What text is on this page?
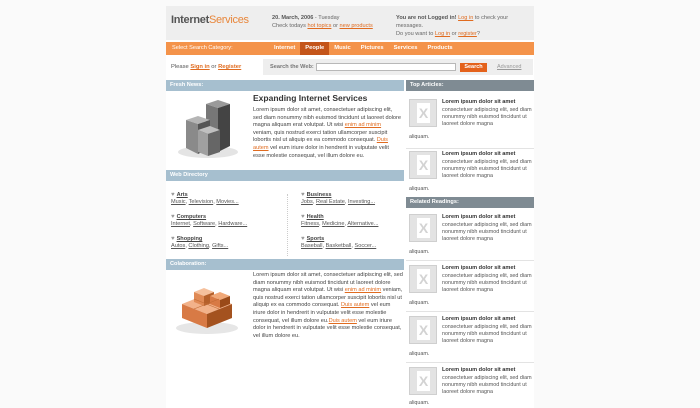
InternetServices	20. March, 2006 - Tuesday
Check todays hot topics or new products
You are not Logged in! Log in to check your messages.
Do you want to Log in or register?
Select Search Category:	Internet	People	Music	Pictures	Services	Products
Please Sign in or Register	Search the Web:	Search	Advanced
Fresh News:
Expanding Internet Services

Lorem ipsum dolor sit amet, consectetuer adipiscing elit, sed diam nonummy nibh euismod tincidunt ut laoreet dolore magna aliquam erat volutpat. Ut wisi enim ad minim veniam, quis nostrud exerci tation ullamcorper suscipit lobortis nisl ut aliquip ex ea commodo consequat. Duis autem vel eum iriure dolor in hendrerit in vulputate velit esse molestie consequat, vel illum dolore eu.

Web Directory
♥ Arts
Music, Television, Movies...
♥ Business
Jobs, Real Estate, Investing...
♥ Computers
Internet, Software, Hardware...
♥ Health
Fitness, Medicine, Alternative...
♥ Shopping
Autos, Clothing, Gifts...
♥ Sports
Baseball, Basketball, Soccer...
Colaboration:

Lorem ipsum dolor sit amet, consectetuer adipiscing elit, sed diam nonummy nibh euismod tincidunt ut laoreet dolore magna aliquam erat volutpat. Ut wisi enim ad minim veniam, quis nostrud exerci tation ullamcorper suscipit lobortis nisl ut aliquip ex ea commodo consequat. Duis autem vel eum iriure dolor in hendrerit in vulputate velit esse molestie consequat, vel illum dolore eu.Duis autem vel eum iriure dolor in hendrerit in vulputate velit esse molestie consequat, vel illum dolore eu.

Top Articles:
X
Lorem ipsum dolor sit amet
consectetuer adipiscing elit, sed diam nonummy nibh euismod tincidunt ut laoreet dolore magna
aliquam.
X
Lorem ipsum dolor sit amet
consectetuer adipiscing elit, sed diam nonummy nibh euismod tincidunt ut laoreet dolore magna
aliquam.
Related Readings:
X
Lorem ipsum dolor sit amet
consectetuer adipiscing elit, sed diam nonummy nibh euismod tincidunt ut laoreet dolore magna
aliquam.
X
Lorem ipsum dolor sit amet
consectetuer adipiscing elit, sed diam nonummy nibh euismod tincidunt ut laoreet dolore magna
aliquam.
X
Lorem ipsum dolor sit amet
consectetuer adipiscing elit, sed diam nonummy nibh euismod tincidunt ut laoreet dolore magna
aliquam.
X
Lorem ipsum dolor sit amet
consectetuer adipiscing elit, sed diam nonummy nibh euismod tincidunt ut laoreet dolore magna
aliquam.
